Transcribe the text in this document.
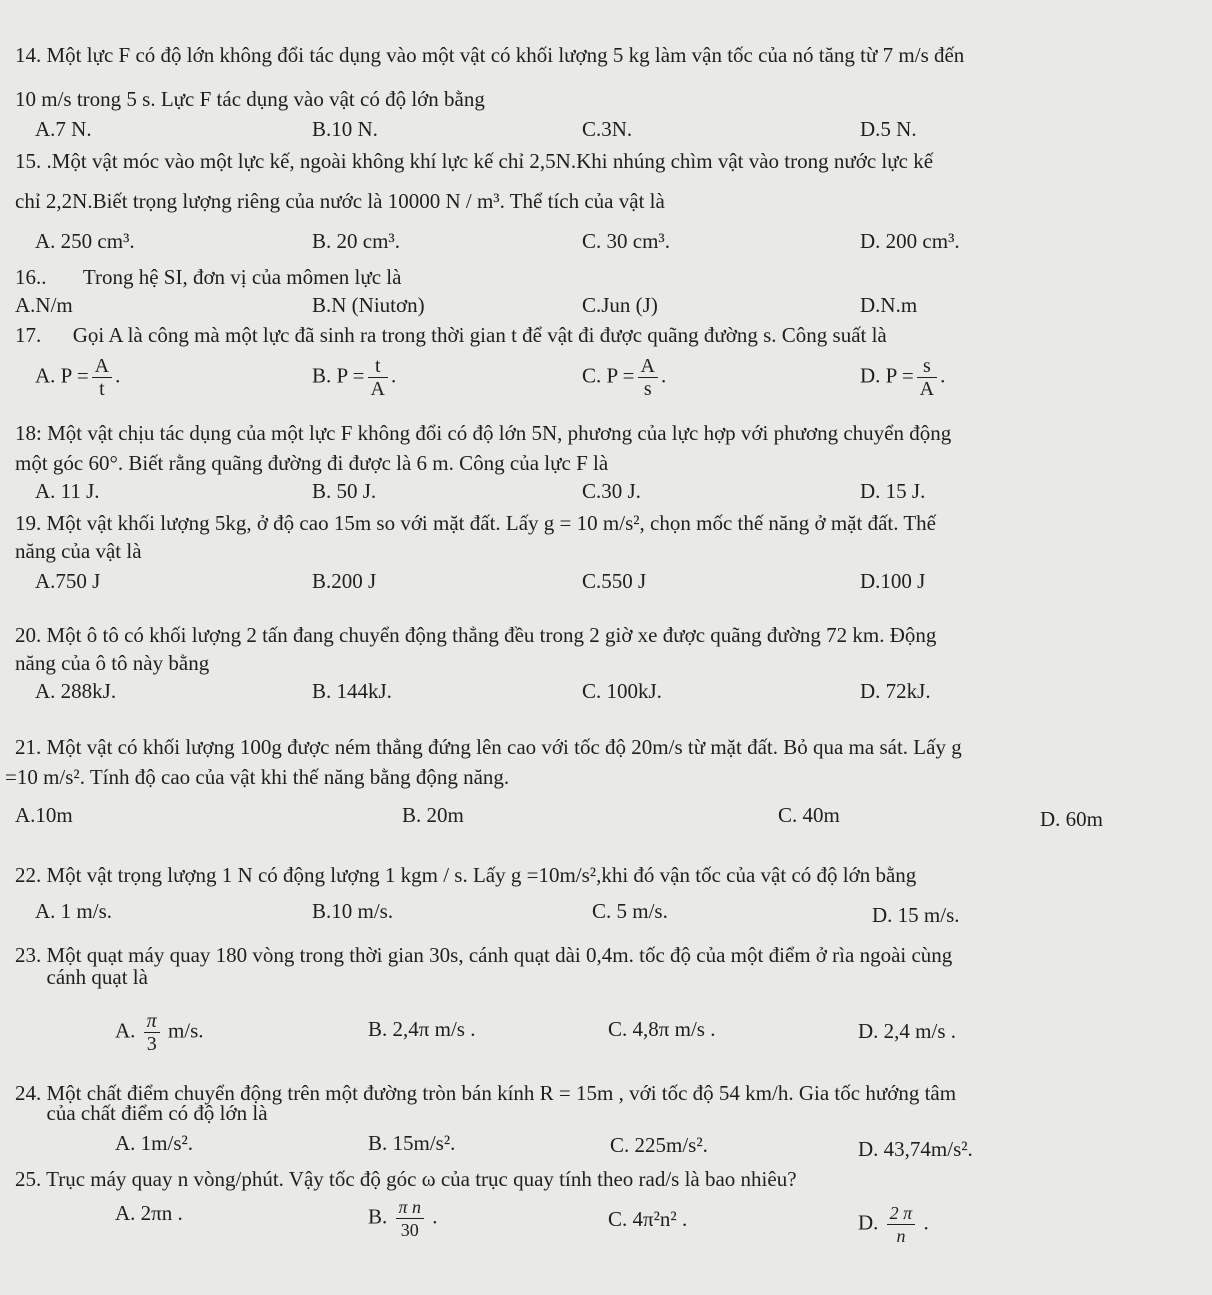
14. Một lực F có độ lớn không đổi tác dụng vào một vật có khối lượng 5 kg làm vận tốc của nó tăng từ 7 m/s đến
10 m/s trong 5 s. Lực F tác dụng vào vật có độ lớn bằng
A.7 N.	B.10 N.	C.3N.	D.5 N.
15. .Một vật móc vào một lực kế, ngoài không khí lực kế chỉ 2,5N.Khi nhúng chìm vật vào trong nước lực kế
chỉ 2,2N.Biết trọng lượng riêng của nước là 10000 N / m³. Thể tích của vật là
A. 250 cm³.	B. 20 cm³.	C. 30 cm³.	D. 200 cm³.
16..       Trong hệ SI, đơn vị của mômen lực là
A.N/m	B.N (Niutơn)	C.Jun (J)	D.N.m
17.      Gọi A là công mà một lực đã sinh ra trong thời gian t để vật đi được quãng đường s. Công suất là
A. $P = \frac{A}{t}$ .	B. $P = \frac{t}{A}$ .	C. $P = \frac{A}{s}$ .	D. $P = \frac{s}{A}$ .
18: Một vật chịu tác dụng của một lực F không đổi có độ lớn 5N, phương của lực hợp với phương chuyển động
một góc 60°. Biết rằng quãng đường đi được là 6 m. Công của lực F là
A. 11 J.	B. 50 J.	C.30 J.	D. 15 J.
19. Một vật khối lượng 5kg, ở độ cao 15m so với mặt đất. Lấy g = 10 m/s², chọn mốc thế năng ở mặt đất. Thế
năng của vật là
A.750 J	B.200 J	C.550 J	D.100 J
20. Một ô tô có khối lượng 2 tấn đang chuyển động thẳng đều trong 2 giờ xe được quãng đường 72 km. Động
năng của ô tô này bằng
A. 288kJ.	B. 144kJ.	C. 100kJ.	D. 72kJ.
21. Một vật có khối lượng 100g được ném thẳng đứng lên cao với tốc độ 20m/s từ mặt đất. Bỏ qua ma sát. Lấy g
=10 m/s². Tính độ cao của vật khi thế năng bằng động năng.
A.10m	B. 20m	C. 40m	D. 60m
22. Một vật trọng lượng 1 N có động lượng 1 kgm / s. Lấy g =10m/s²,khi đó vận tốc của vật có độ lớn bằng
A. 1 m/s.	B.10 m/s.	C. 5 m/s.	D. 15 m/s.
23. Một quạt máy quay 180 vòng trong thời gian 30s, cánh quạt dài 0,4m. tốc độ của một điểm ở rìa ngoài cùng
cánh quạt là
A. $\frac{\pi}{3} m/s$.	B. 2,4π m/s .	C. 4,8π m/s .	D. 2,4 m/s .
24. Một chất điểm chuyển động trên một đường tròn bán kính R = 15m , với tốc độ 54 km/h. Gia tốc hướng tâm
của chất điểm có độ lớn là
A. 1m/s².	B. 15m/s².	C. 225m/s².	D. 43,74m/s².
25. Trục máy quay n vòng/phút. Vậy tốc độ góc ω của trục quay tính theo rad/s là bao nhiêu?
A. 2πn .	B. $\frac{\text{π n}}{30}$ .	C. 4π²n² .	D. $\frac{2 \pi}{n}$ .
